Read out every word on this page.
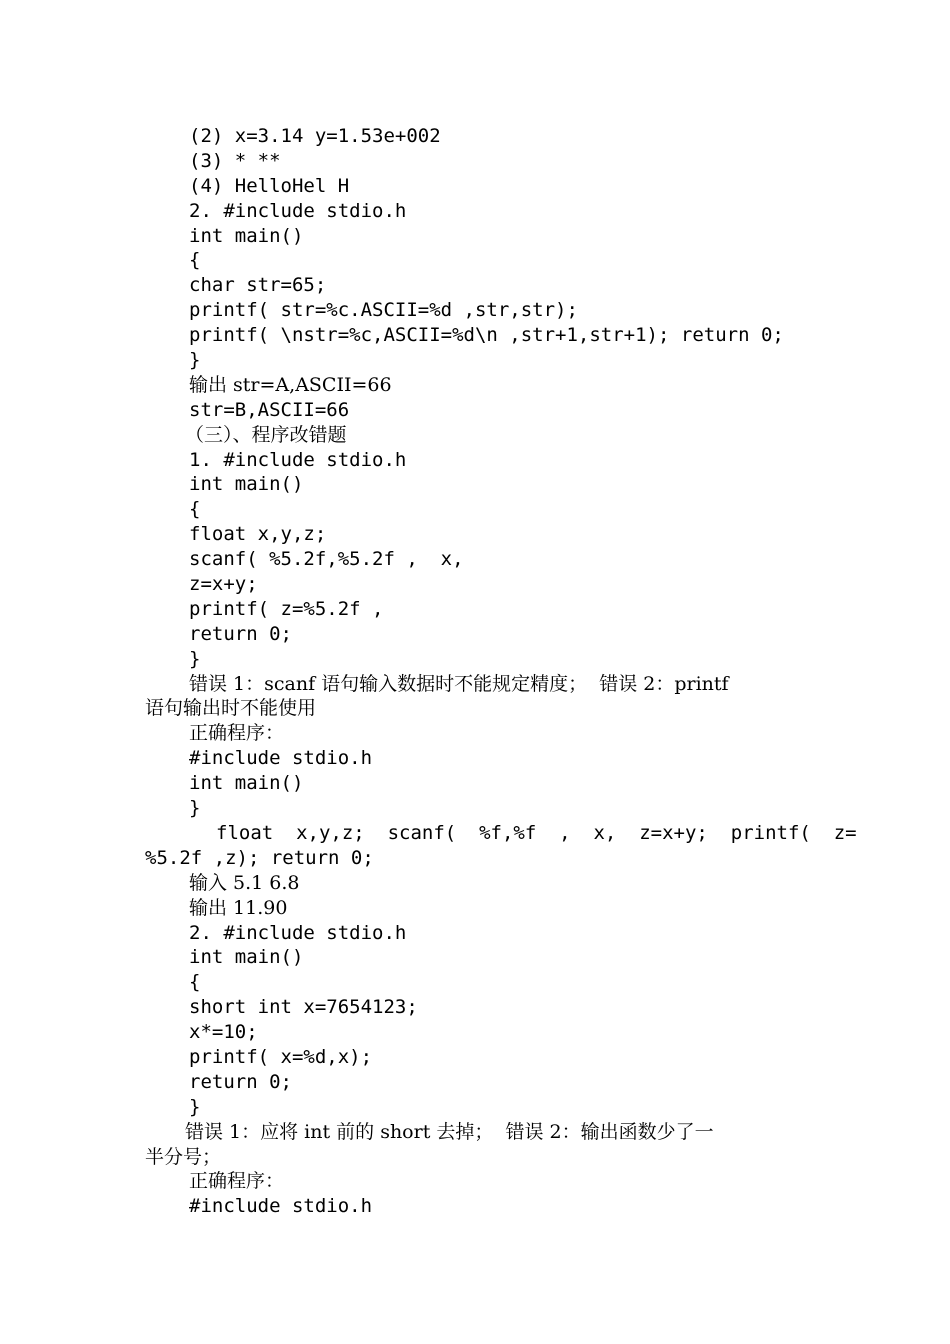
(2) x=3.14 y=1.53e+002
(3) * **
(4) HelloHel H
2. #include stdio.h
int main()
{
char str=65;
printf( str=%c.ASCII=%d ,str,str);
printf( \nstr=%c,ASCII=%d\n ,str+1,str+1); return 0;
}
输出 str=A,ASCII=66
str=B,ASCII=66
（三）、程序改错题
1. #include stdio.h
int main()
{
float x,y,z;
scanf( %5.2f,%5.2f ,  x,
z=x+y;
printf( z=%5.2f ,
return 0;
}
错误 1：scanf 语句输入数据时不能规定精度；  错误 2：printf
语句输出时不能使用
正确程序：
#include stdio.h
int main()
}
float  x,y,z;  scanf(  %f,%f  ,  x,  z=x+y;  printf(  z=
%5.2f ,z); return 0;
输入 5.1 6.8
输出 11.90
2. #include stdio.h
int main()
{
short int x=7654123;
x*=10;
printf( x=%d,x);
return 0;
}
错误 1：应将 int 前的 short 去掉；  错误 2：输出函数少了一
半分号；
正确程序：
#include stdio.h
